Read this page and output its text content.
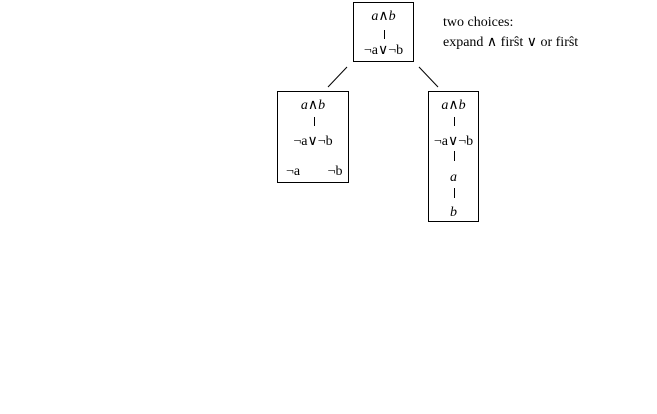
a∧b
¬a∨¬b
two choices:
expand ∧ firŝt ∨ or firŝt
a∧b
¬a∨¬b
¬a	¬b
a∧b
¬a∨¬b
a
b
